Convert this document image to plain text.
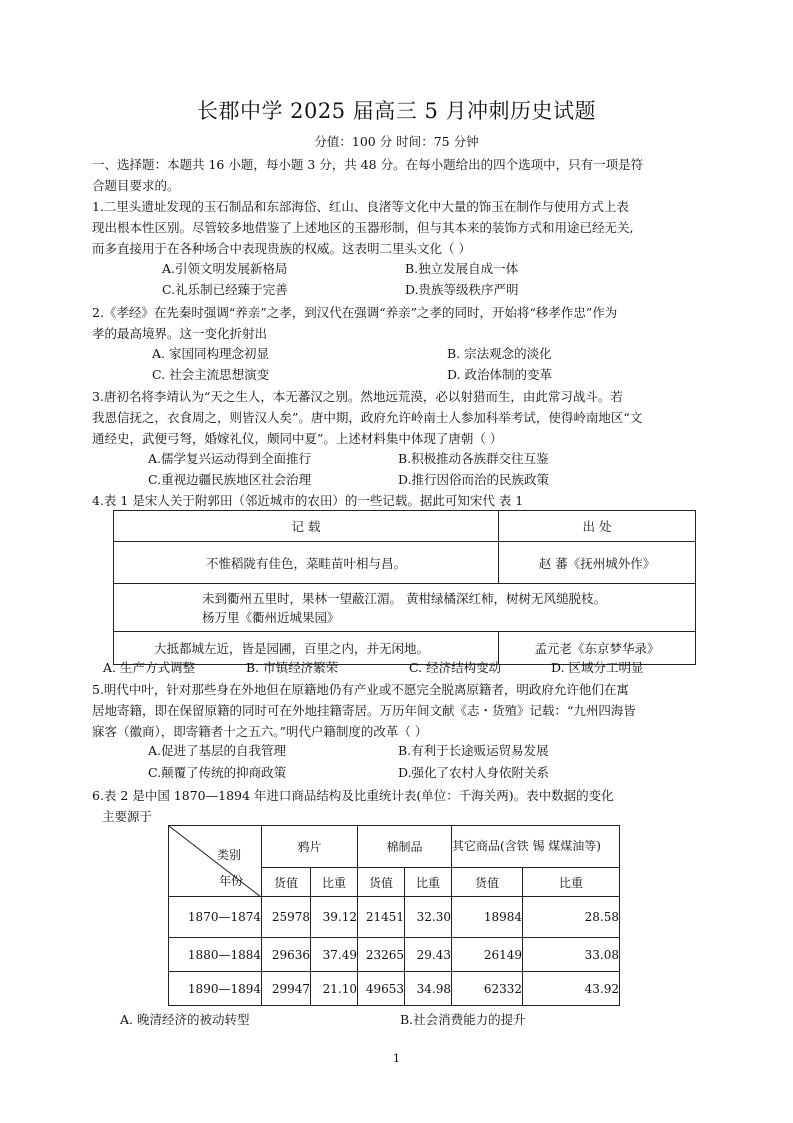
长郡中学 2025 届高三 5 月冲刺历史试题
分值：100 分 时间：75 分钟
一、选择题：本题共 16 小题，每小题 3 分，共 48 分。在每小题给出的四个选项中，只有一项是符
合题目要求的。
1.二里头遗址发现的玉石制品和东部海岱、红山、良渚等文化中大量的饰玉在制作与使用方式上表
现出根本性区别。尽管较多地借鉴了上述地区的玉器形制，但与其本来的装饰方式和用途已经无关,
而多直接用于在各种场合中表现贵族的权威。这表明二里头文化（ ）
A.引领文明发展新格局	B.独立发展自成一体
C.礼乐制已经臻于完善	D.贵族等级秩序严明
2.《孝经》在先秦时强调“养亲”之孝，到汉代在强调“养亲”之孝的同时，开始将“移孝作忠”作为
孝的最高境界。这一变化折射出
A. 家国同构理念初显	B. 宗法观念的淡化
C. 社会主流思想演变	D. 政治体制的变革
3.唐初名将李靖认为“天之生人，本无蕃汉之别。然地远荒漠，必以射猎而生，由此常习战斗。若
我恩信抚之，衣食周之，则皆汉人矣”。唐中期，政府允许岭南士人参加科举考试，使得岭南地区“文
通经史，武便弓弩，婚嫁礼仪，颇同中夏”。上述材料集中体现了唐朝（ ）
A.儒学复兴运动得到全面推行	B.积极推动各族群交往互鉴
C.重视边疆民族地区社会治理	D.推行因俗而治的民族政策
4.表 1 是宋人关于附郭田（邻近城市的农田）的一些记载。据此可知宋代 表 1
记 载	出 处
不惟稻陇有佳色，菜畦苗叶相与昌。	赵 蕃《抚州城外作》

未到衢州五里时，果林一望蔽江湄。 黄柑绿橘深红柿，树树无风缒脱枝。
杨万里《衢州近城果园》	

大抵都城左近，皆是园圃，百里之内，并无闲地。	孟元老《东京梦华录》
A. 生产方式调整	B. 市镇经济繁荣	C. 经济结构变动	D. 区域分工明显
5.明代中叶，针对那些身在外地但在原籍地仍有产业或不愿完全脱离原籍者，明政府允许他们在寓
居地寄籍，即在保留原籍的同时可在外地挂籍寄居。万历年间文献《志・货殖》记载：“九州四海皆
寐客（徽商），即寄籍者十之五六。”明代户籍制度的改革（ ）
A.促进了基层的自我管理	B.有利于长途贩运贸易发展
C.颠覆了传统的抑商政策	D.强化了农村人身依附关系
6.表 2 是中国 1870—1894 年进口商品结构及比重统计表(单位：千海关两)。表中数据的变化
主要源于
类别
年份	鸦片		棉制品		其它商品(含铁 锡 煤煤油等)	
	货值	比重	货值	比重	货值	比重
1870—1874	25978	39.12	21451	32.30	18984	28.58
1880—1884	29636	37.49	23265	29.43	26149	33.08
1890—1894	29947	21.10	49653	34.98	62332	43.92
A. 晚清经济的被动转型	B.社会消费能力的提升
1
